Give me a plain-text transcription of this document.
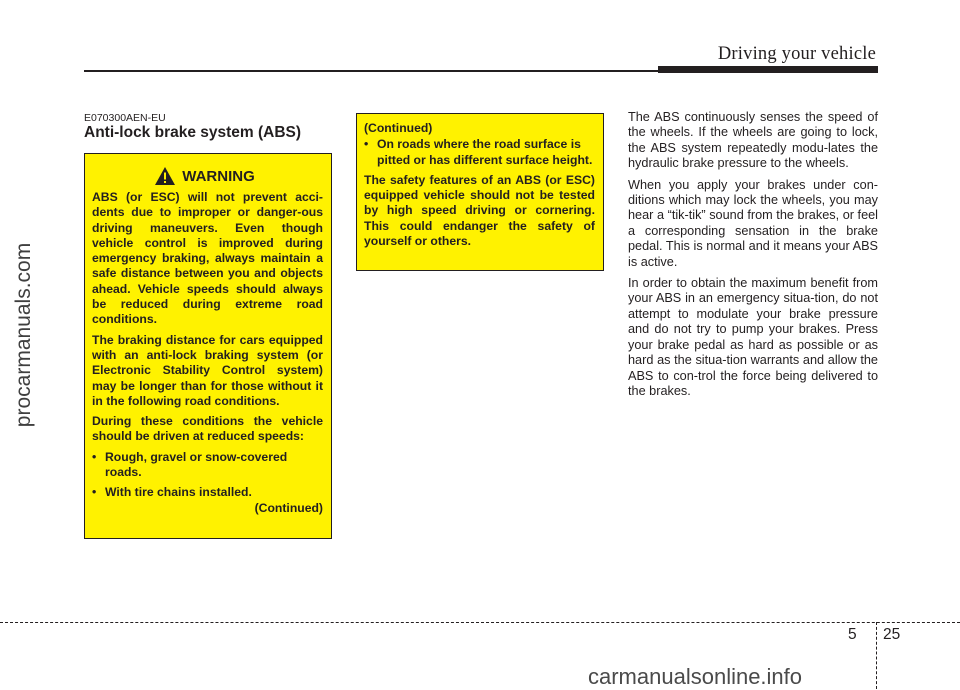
Driving your vehicle
procarmanuals.com
E070300AEN-EU
Anti-lock brake system (ABS)
WARNING

ABS (or ESC) will not prevent acci-dents due to improper or danger-ous driving maneuvers. Even though vehicle control is improved during emergency braking, always maintain a safe distance between you and objects ahead. Vehicle speeds should always be reduced during extreme road conditions.

The braking distance for cars equipped with an anti-lock braking system (or Electronic Stability Control system) may be longer than for those without it in the following road conditions.

During these conditions the vehicle should be driven at reduced speeds:

• Rough, gravel or snow-covered roads.
• With tire chains installed.
(Continued)
(Continued)
• On roads where the road surface is pitted or has different surface height.

The safety features of an ABS (or ESC) equipped vehicle should not be tested by high speed driving or cornering. This could endanger the safety of yourself or others.

The ABS continuously senses the speed of the wheels. If the wheels are going to lock, the ABS system repeatedly modu-lates the hydraulic brake pressure to the wheels.

When you apply your brakes under con-ditions which may lock the wheels, you may hear a “tik-tik” sound from the brakes, or feel a corresponding sensation in the brake pedal. This is normal and it means your ABS is active.

In order to obtain the maximum benefit from your ABS in an emergency situa-tion, do not attempt to modulate your brake pressure and do not try to pump your brakes. Press your brake pedal as hard as possible or as hard as the situa-tion warrants and allow the ABS to con-trol the force being delivered to the brakes.

5 25
carmanualsonline.info
